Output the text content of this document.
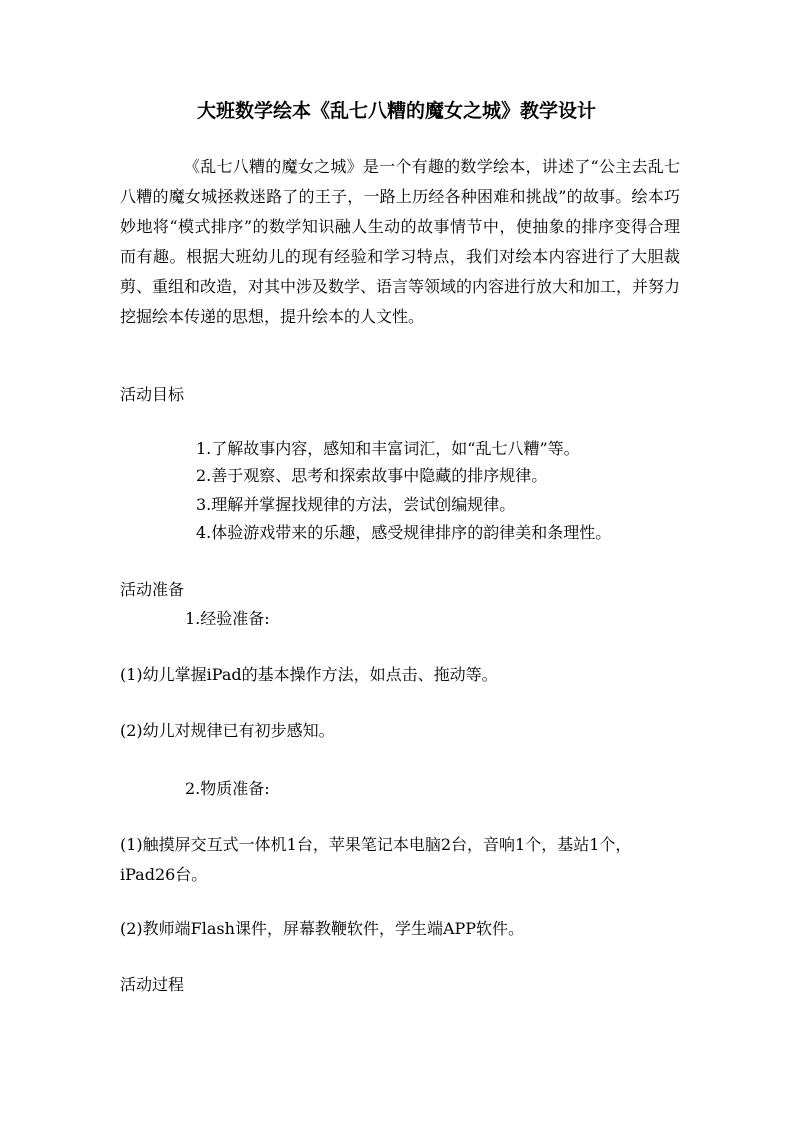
大班数学绘本《乱七八糟的魔女之城》教学设计

《乱七八糟的魔女之城》是一个有趣的数学绘本，讲述了“公主去乱七八糟的魔女城拯救迷路了的王子，一路上历经各种困难和挑战”的故事。绘本巧妙地将“模式排序”的数学知识融人生动的故事情节中，使抽象的排序变得合理而有趣。根据大班幼儿的现有经验和学习特点，我们对绘本内容进行了大胆裁剪、重组和改造，对其中涉及数学、语言等领域的内容进行放大和加工，并努力挖掘绘本传递的思想，提升绘本的人文性。

活动目标

1.了解故事内容，感知和丰富词汇，如“乱七八糟”等。

2.善于观察、思考和探索故事中隐藏的排序规律。

3.理解并掌握找规律的方法，尝试创编规律。

4.体验游戏带来的乐趣，感受规律排序的韵律美和条理性。

活动准备

1.经验准备:

(1)幼儿掌握iPad的基本操作方法，如点击、拖动等。

(2)幼儿对规律已有初步感知。

2.物质准备:

(1)触摸屏交互式一体机1台，苹果笔记本电脑2台，音响1个，基站1个，iPad26台。

(2)教师端Flash课件，屏幕教鞭软件，学生端APP软件。

活动过程
